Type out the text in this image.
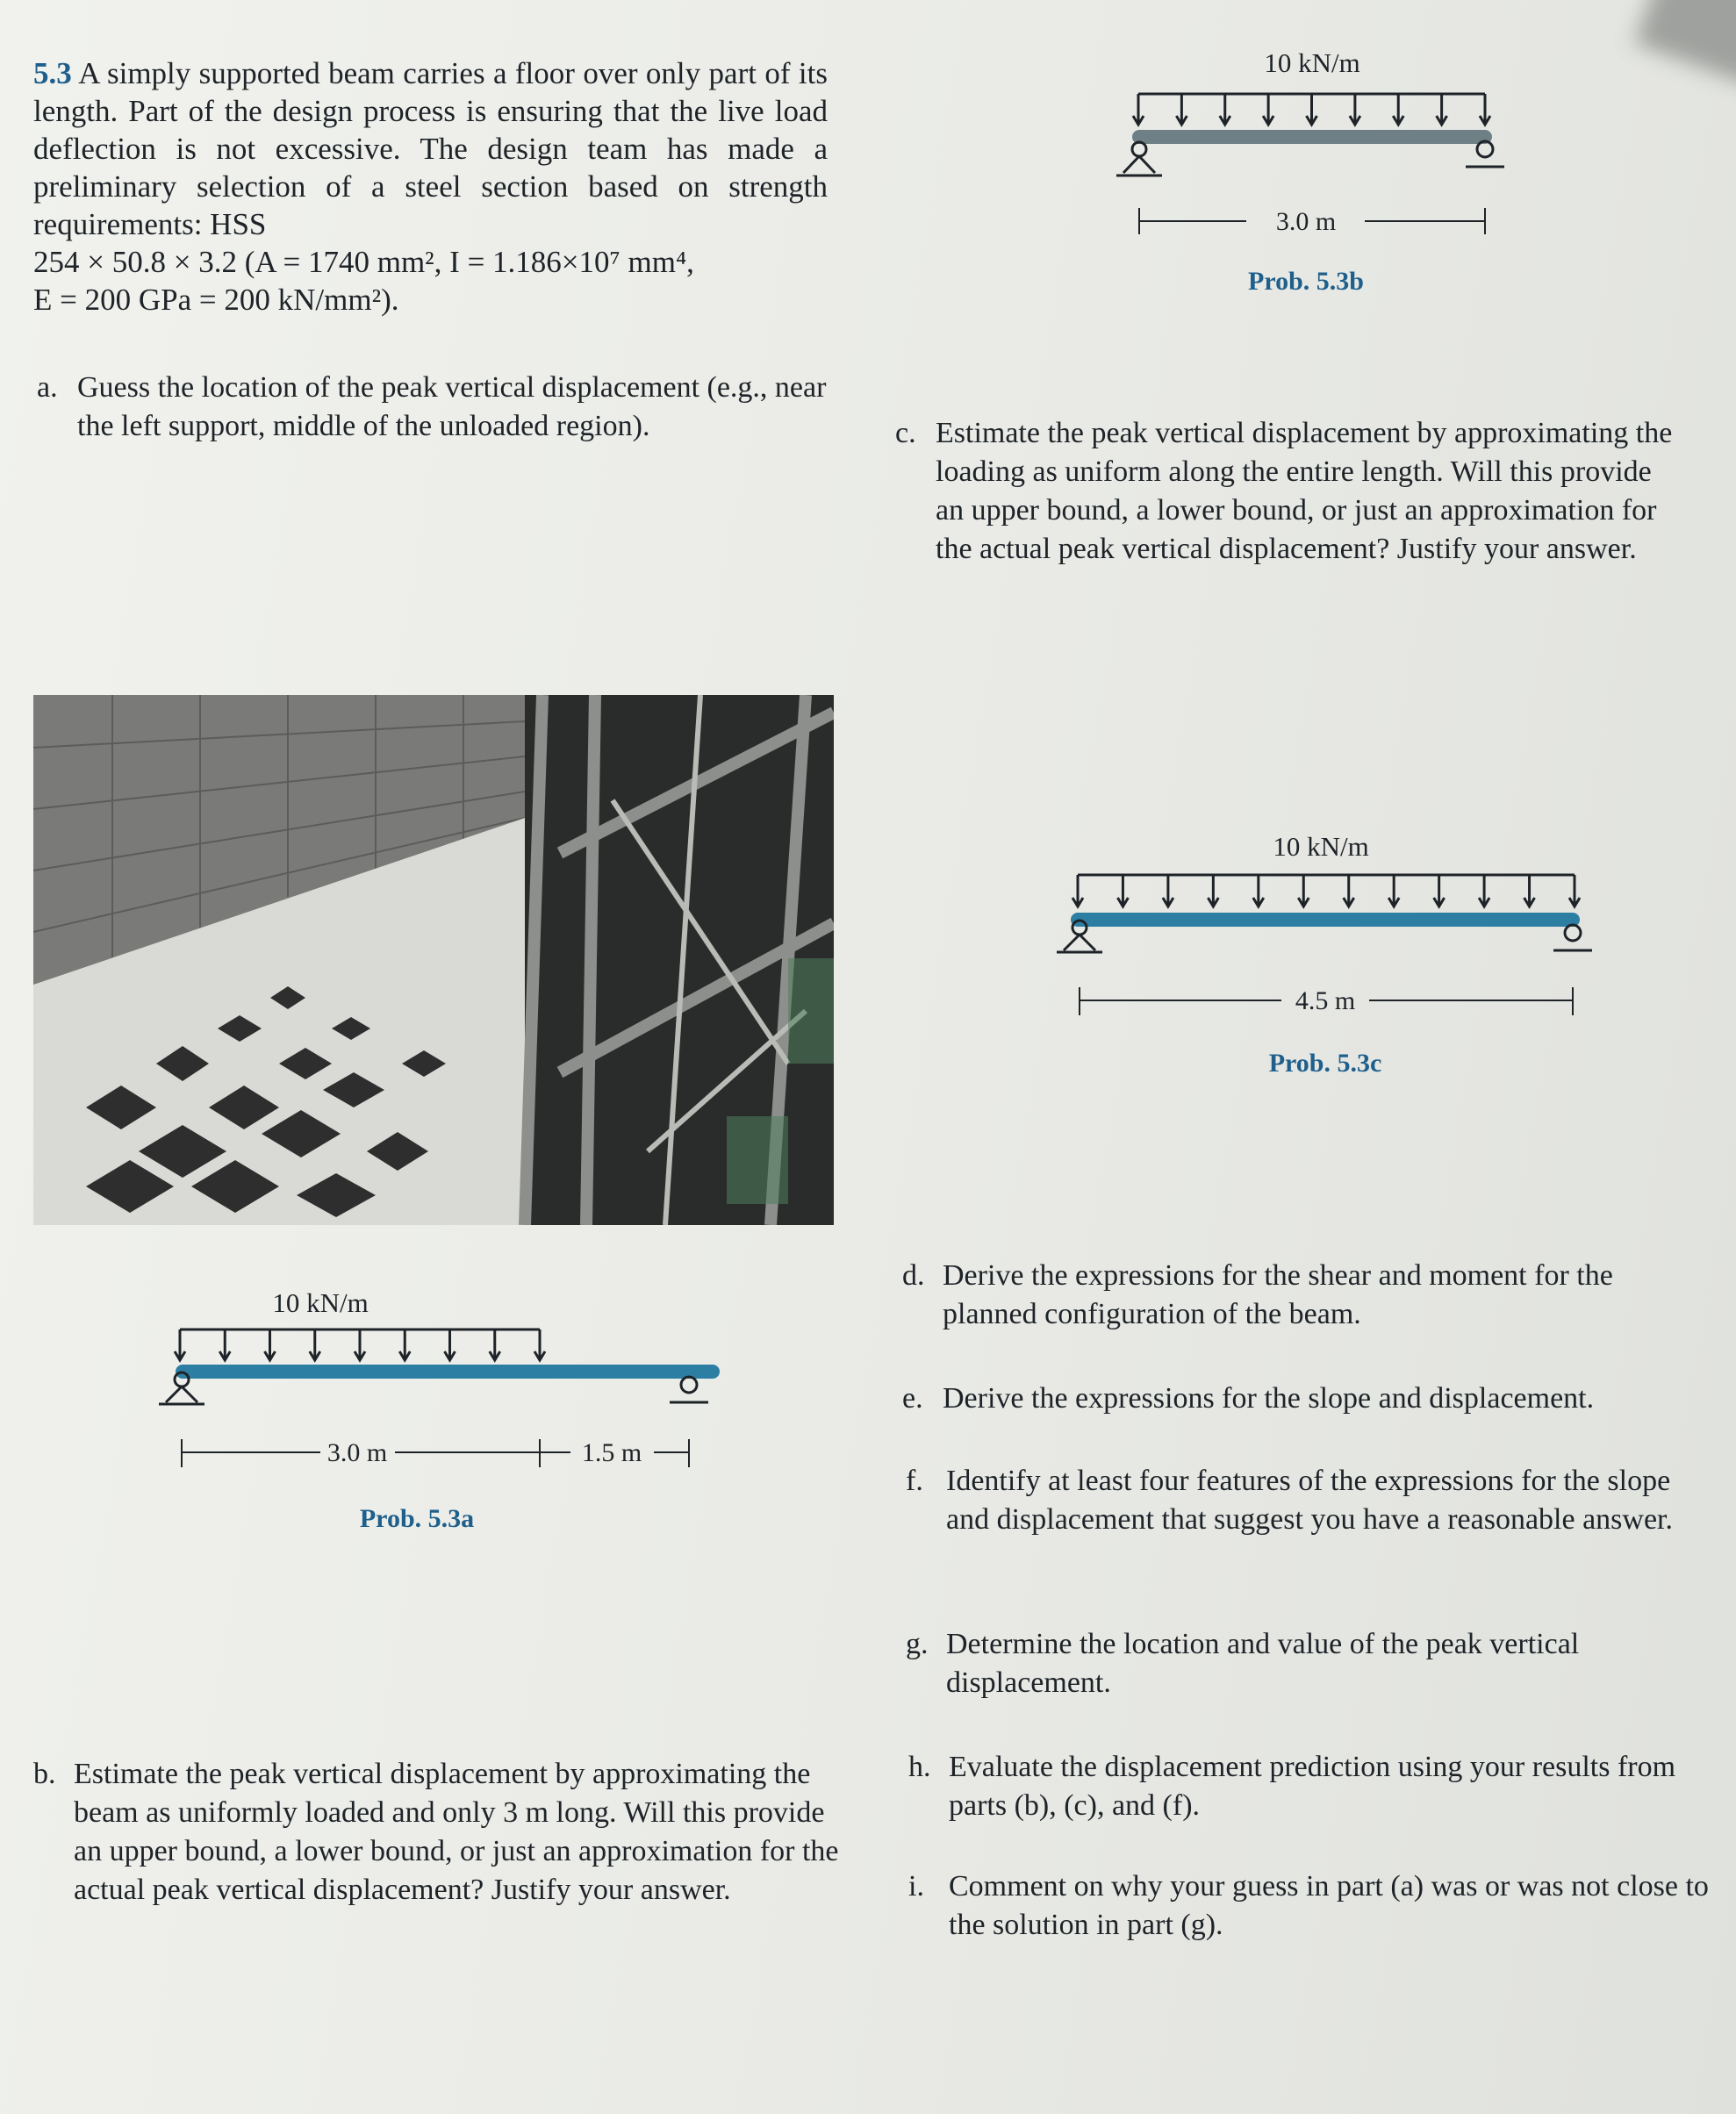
5.3 A simply supported beam carries a floor over only part of its length. Part of the design process is ensuring that the live load deflection is not excessive. The design team has made a preliminary selection of a steel section based on strength requirements: HSS

254 × 50.8 × 3.2 (A = 1740 mm², I = 1.186×10⁷ mm⁴,

E = 200 GPa = 200 kN/mm²).

a. Guess the location of the peak vertical displacement (e.g., near the left support, middle of the unloaded region).
b. Estimate the peak vertical displacement by approximating the beam as uniformly loaded and only 3 m long. Will this provide an upper bound, a lower bound, or just an approximation for the actual peak vertical displacement? Justify your answer.
c. Estimate the peak vertical displacement by approximating the loading as uniform along the entire length. Will this provide an upper bound, a lower bound, or just an approximation for the actual peak vertical displacement? Justify your answer.
d. Derive the expressions for the shear and moment for the planned configuration of the beam.
e. Derive the expressions for the slope and displacement.
f. Identify at least four features of the expressions for the slope and displacement that suggest you have a reasonable answer.
g. Determine the location and value of the peak vertical displacement.
h. Evaluate the displacement prediction using your results from parts (b), (c), and (f).
i. Comment on why your guess in part (a) was or was not close to the solution in part (g).
10 kN/m
3.0 m
Prob. 5.3b
10 kN/m
4.5 m
Prob. 5.3c
10 kN/m
3.0 m	1.5 m
Prob. 5.3a
